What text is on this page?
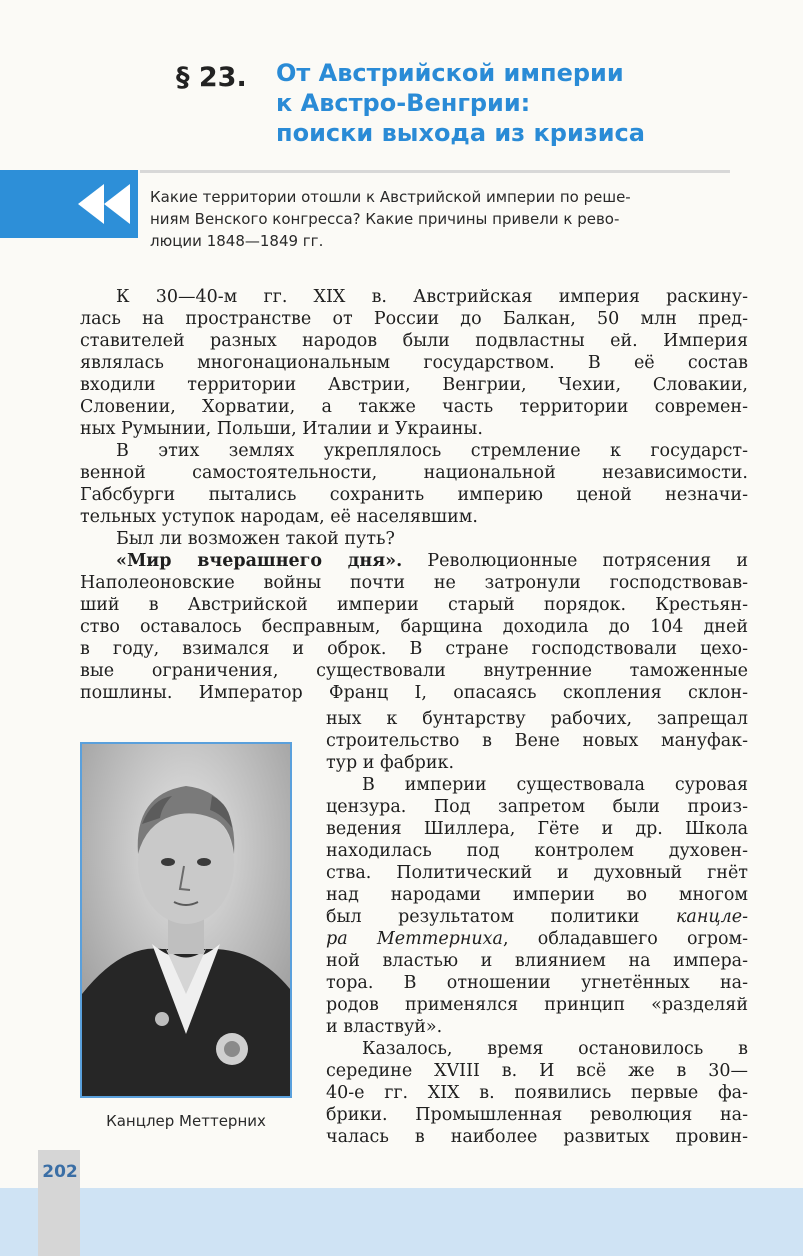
202
§ 23. От Австрийской империи
к Австро-Венгрии:
поиски выхода из кризиса
Какие территории отошли к Австрийской империи по реше-
ниям Венского конгресса? Какие причины привели к рево-
люции 1848—1849 гг.
К 30—40-м гг. XIX в. Австрийская империя раскину-
лась на пространстве от России до Балкан, 50 млн пред-
ставителей разных народов были подвластны ей. Империя
являлась многонациональным государством. В её состав
входили территории Австрии, Венгрии, Чехии, Словакии,
Словении, Хорватии, а также часть территории современ-
ных Румынии, Польши, Италии и Украины.
В этих землях укреплялось стремление к государст-
венной самостоятельности, национальной независимости.
Габсбурги пытались сохранить империю ценой незначи-
тельных уступок народам, её населявшим.
Был ли возможен такой путь?
«Мир вчерашнего дня». Революционные потрясения и
Наполеоновские войны почти не затронули господствовав-
ший в Австрийской империи старый порядок. Крестьян-
ство оставалось бесправным, барщина доходила до 104 дней
в году, взимался и оброк. В стране господствовали цехо-
вые ограничения, существовали внутренние таможенные
пошлины. Император Франц I, опасаясь скопления склон-
ных к бунтарству рабочих, запрещал
строительство в Вене новых мануфак-
тур и фабрик.
В империи существовала суровая
цензура. Под запретом были произ-
ведения Шиллера, Гёте и др. Школа
находилась под контролем духовен-
ства. Политический и духовный гнёт
над народами империи во многом
был результатом политики канцле-
ра Меттерниха, обладавшего огром-
ной властью и влиянием на импера-
тора. В отношении угнетённых на-
родов применялся принцип «разделяй
и властвуй».
Казалось, время остановилось в
середине XVIII в. И всё же в 30—
40-е гг. XIX в. появились первые фа-
брики. Промышленная революция на-
чалась в наиболее развитых провин-
Канцлер Меттерних
